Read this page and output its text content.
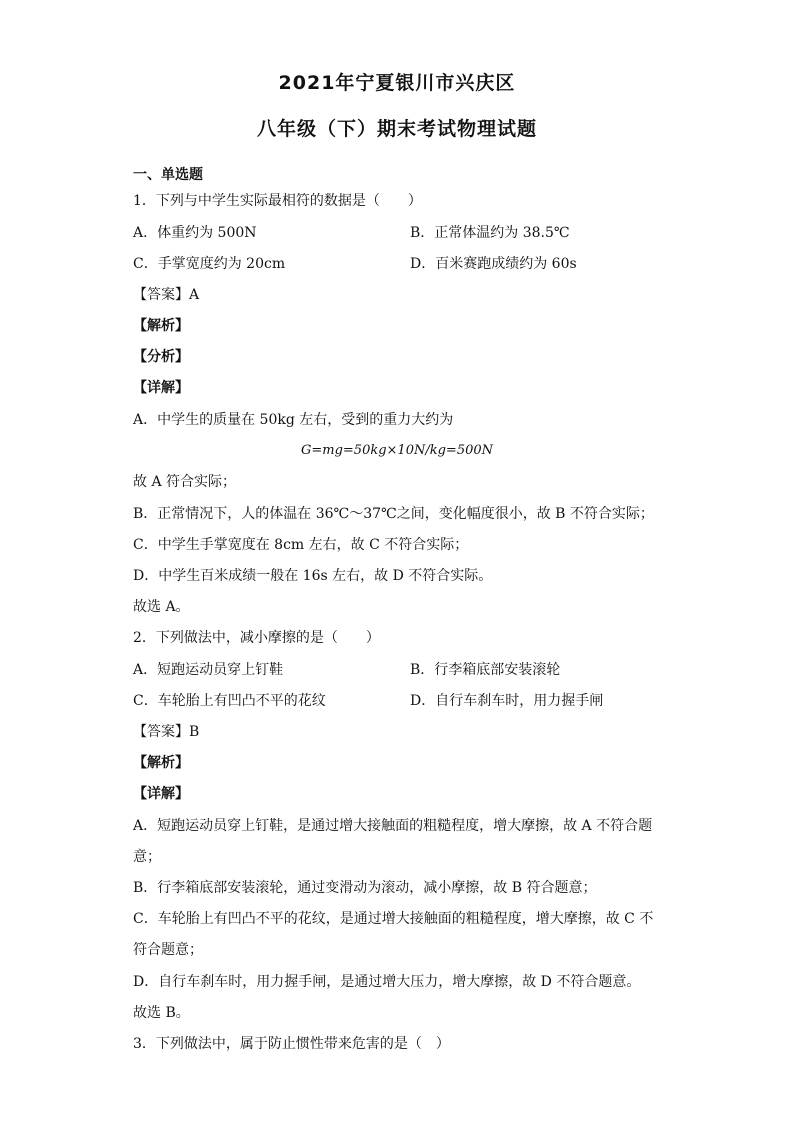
2021年宁夏银川市兴庆区
八年级（下）期末考试物理试题
一、单选题
1．下列与中学生实际最相符的数据是（　　）
A．体重约为 500N	B．正常体温约为 38.5℃
C．手掌宽度约为 20cm	D．百米赛跑成绩约为 60s
【答案】A
【解析】
【分析】
【详解】
A．中学生的质量在 50kg 左右，受到的重力大约为
G=mg=50kg×10N/kg=500N
故 A 符合实际；
B．正常情况下，人的体温在 36℃～37℃之间，变化幅度很小，故 B 不符合实际；
C．中学生手掌宽度在 8cm 左右，故 C 不符合实际；
D．中学生百米成绩一般在 16s 左右，故 D 不符合实际。
故选 A。
2．下列做法中，减小摩擦的是（　　）
A．短跑运动员穿上钉鞋	B．行李箱底部安装滚轮
C．车轮胎上有凹凸不平的花纹	D．自行车刹车时，用力握手闸
【答案】B
【解析】
【详解】
A．短跑运动员穿上钉鞋，是通过增大接触面的粗糙程度，增大摩擦，故 A 不符合题
意；
B．行李箱底部安装滚轮，通过变滑动为滚动，减小摩擦，故 B 符合题意；
C．车轮胎上有凹凸不平的花纹，是通过增大接触面的粗糙程度，增大摩擦，故 C 不
符合题意；
D．自行车刹车时，用力握手闸，是通过增大压力，增大摩擦，故 D 不符合题意。
故选 B。
3．下列做法中，属于防止惯性带来危害的是（　）
